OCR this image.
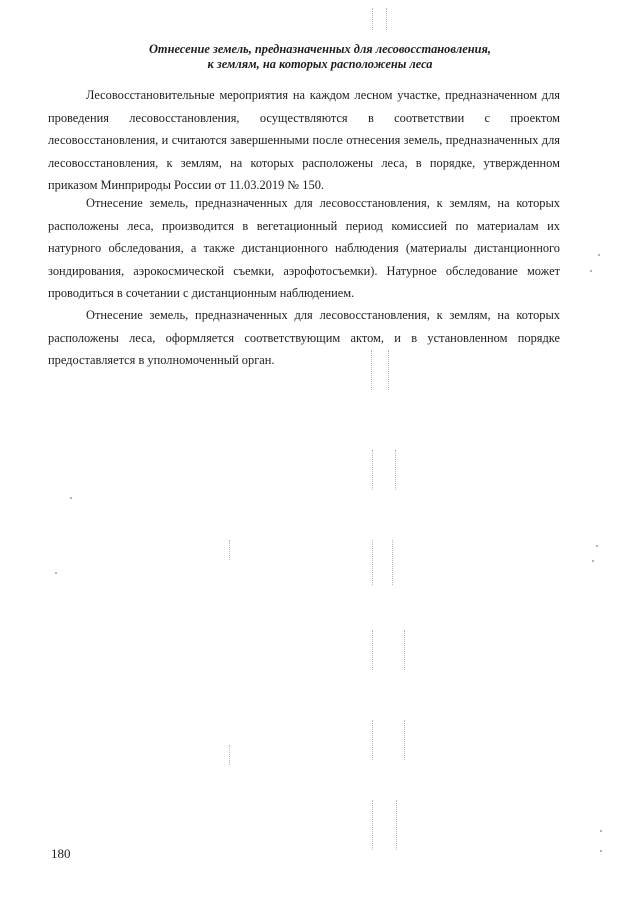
Отнесение земель, предназначенных для лесовосстановления,
к землям, на которых расположены леса

Лесовосстановительные мероприятия на каждом лесном участке, предназначенном для проведения лесовосстановления, осуществляются в соответствии с проектом лесовосстановления, и считаются завершенными после отнесения земель, предназначенных для лесовосстановления, к землям, на которых расположены леса, в порядке, утвержденном приказом Минприроды России от 11.03.2019 № 150.

Отнесение земель, предназначенных для лесовосстановления, к землям, на которых расположены леса, производится в вегетационный период комиссией по материалам их натурного обследования, а также дистанционного наблюдения (материалы дистанционного зондирования, аэрокосмической съемки, аэрофотосъемки). Натурное обследование может проводиться в сочетании с дистанционным наблюдением.

Отнесение земель, предназначенных для лесовосстановления, к землям, на которых расположены леса, оформляется соответствующим актом, и в установленном порядке предоставляется в уполномоченный орган.

180
